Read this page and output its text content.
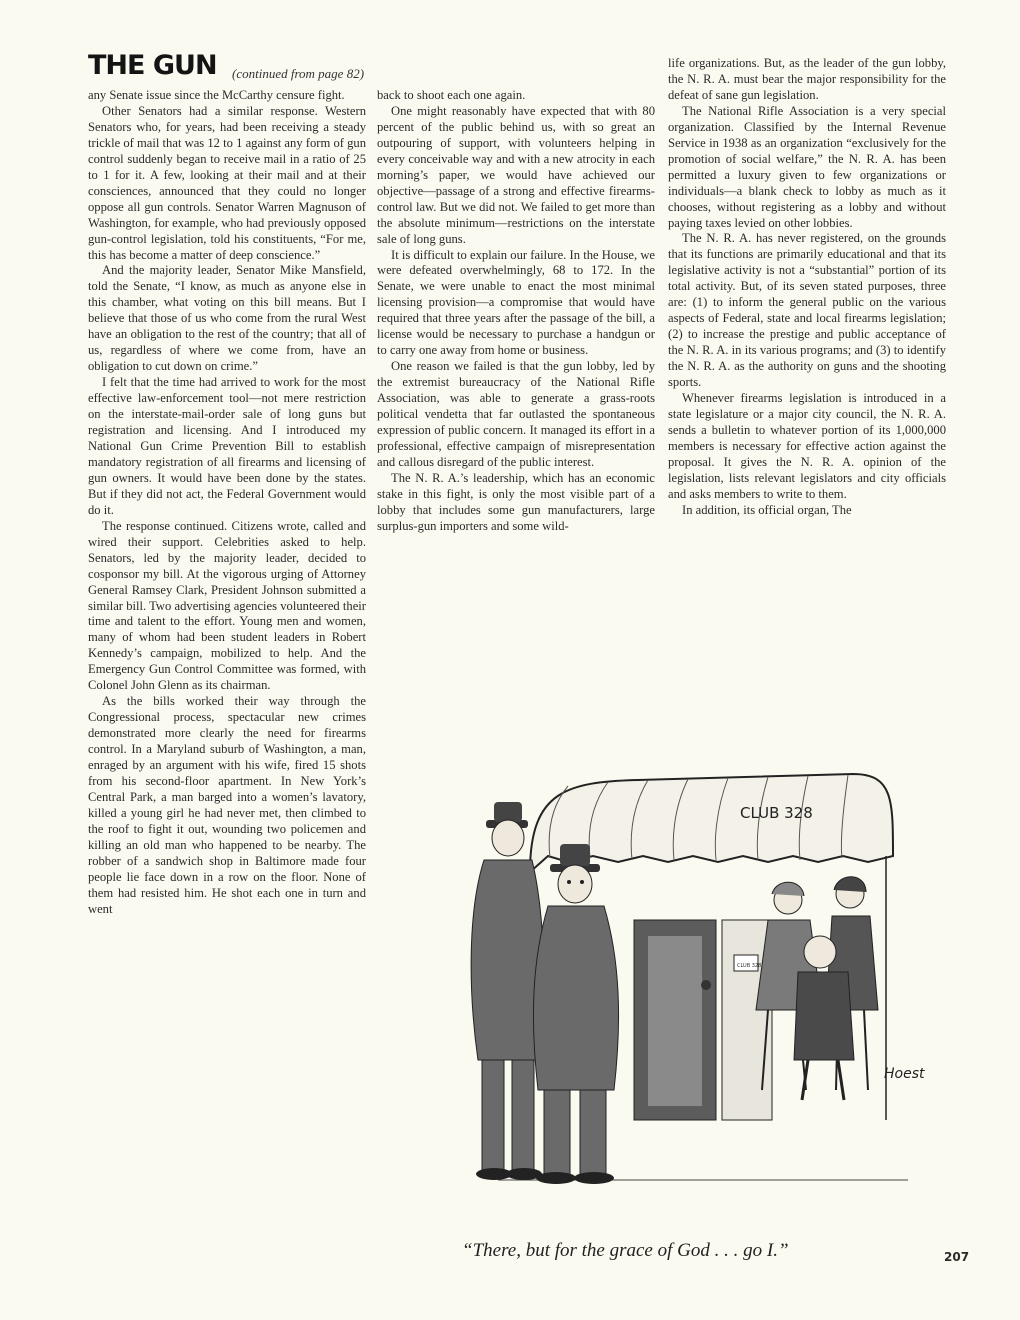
THE GUN (continued from page 82)

any Senate issue since the McCarthy censure fight.

Other Senators had a similar response. Western Senators who, for years, had been receiving a steady trickle of mail that was 12 to 1 against any form of gun control suddenly began to receive mail in a ratio of 25 to 1 for it. A few, looking at their mail and at their consciences, announced that they could no longer oppose all gun controls. Senator Warren Magnuson of Washington, for example, who had previously opposed gun-control legislation, told his constituents, “For me, this has become a matter of deep conscience.”

And the majority leader, Senator Mike Mansfield, told the Senate, “I know, as much as anyone else in this chamber, what voting on this bill means. But I believe that those of us who come from the rural West have an obligation to the rest of the country; that all of us, regardless of where we come from, have an obligation to cut down on crime.”

I felt that the time had arrived to work for the most effective law-enforcement tool—not mere restriction on the interstate-mail-order sale of long guns but registration and licensing. And I introduced my National Gun Crime Prevention Bill to establish mandatory registration of all firearms and licensing of gun owners. It would have been done by the states. But if they did not act, the Federal Government would do it.

The response continued. Citizens wrote, called and wired their support. Celebrities asked to help. Senators, led by the majority leader, decided to cosponsor my bill. At the vigorous urging of Attorney General Ramsey Clark, President Johnson submitted a similar bill. Two advertising agencies volunteered their time and talent to the effort. Young men and women, many of whom had been student leaders in Robert Kennedy’s campaign, mobilized to help. And the Emergency Gun Control Committee was formed, with Colonel John Glenn as its chairman.

As the bills worked their way through the Congressional process, spectacular new crimes demonstrated more clearly the need for firearms control. In a Maryland suburb of Washington, a man, enraged by an argument with his wife, fired 15 shots from his second-floor apartment. In New York’s Central Park, a man barged into a women’s lavatory, killed a young girl he had never met, then climbed to the roof to fight it out, wounding two policemen and killing an old man who happened to be nearby. The robber of a sandwich shop in Baltimore made four people lie face down in a row on the floor. None of them had resisted him. He shot each one in turn and went

back to shoot each one again.

One might reasonably have expected that with 80 percent of the public behind us, with so great an outpouring of support, with volunteers helping in every conceivable way and with a new atrocity in each morning’s paper, we would have achieved our objective—passage of a strong and effective firearms-control law. But we did not. We failed to get more than the absolute minimum—restrictions on the interstate sale of long guns.

It is difficult to explain our failure. In the House, we were defeated overwhelmingly, 68 to 172. In the Senate, we were unable to enact the most minimal licensing provision—a compromise that would have required that three years after the passage of the bill, a license would be necessary to purchase a handgun or to carry one away from home or business.

One reason we failed is that the gun lobby, led by the extremist bureaucracy of the National Rifle Association, was able to generate a grass-roots political vendetta that far outlasted the spontaneous expression of public concern. It managed its effort in a professional, effective campaign of misrepresentation and callous disregard of the public interest.

The N. R. A.’s leadership, which has an economic stake in this fight, is only the most visible part of a lobby that includes some gun manufacturers, large surplus-gun importers and some wild-

life organizations. But, as the leader of the gun lobby, the N. R. A. must bear the major responsibility for the defeat of sane gun legislation.

The National Rifle Association is a very special organization. Classified by the Internal Revenue Service in 1938 as an organization “exclusively for the promotion of social welfare,” the N. R. A. has been permitted a luxury given to few organizations or individuals—a blank check to lobby as much as it chooses, without registering as a lobby and without paying taxes levied on other lobbies.

The N. R. A. has never registered, on the grounds that its functions are primarily educational and that its legislative activity is not a “substantial” portion of its total activity. But, of its seven stated purposes, three are: (1) to inform the general public on the various aspects of Federal, state and local firearms legislation; (2) to increase the prestige and public acceptance of the N. R. A. in its various programs; and (3) to identify the N. R. A. as the authority on guns and the shooting sports.

Whenever firearms legislation is introduced in a state legislature or a major city council, the N. R. A. sends a bulletin to whatever portion of its 1,000,000 members is necessary for effective action against the proposal. It gives the N. R. A. opinion of the legislation, lists relevant legislators and city officials and asks members to write to them.

In addition, its official organ, The

CLUB 328
CLUB 328
Hoest
“There, but for the grace of God . . . go I.”	207
